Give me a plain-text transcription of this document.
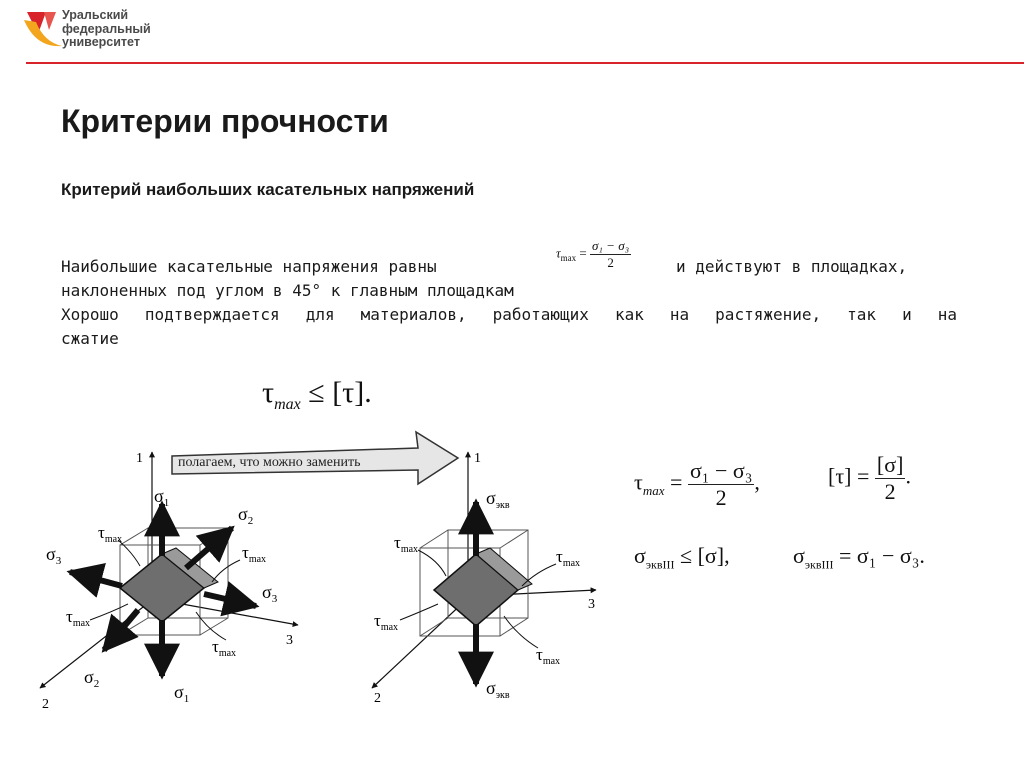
Уральский
федеральный
университет
Критерии прочности
Критерий наибольших касательных напряжений
Наибольшие касательные напряжения равны
$\tau_{max} = \frac{\text{σ₁ − σ₃}}{2}$	и действуют в площадках,
наклоненных под углом в 45° к главным площадкам
Хорошо подтверждается для материалов, работающих как на растяжение, так и на
сжатие
$\tau_{max} \le [\tau]$.
$\tau_{max} = \frac{\text{σ₁ − σ₃}}{2}$ ,	$[\tau] = \frac{[\sigma]}{2}$ .
$\sigma_{эквIII} \le [\sigma]$,	$\sigma_{эквIII} = \sigma_1 - \sigma_3$.
полагаем, что можно заменить
1
3
2
$\sigma_1$
$\sigma_1$
$\sigma_2$
$\sigma_2$
$\sigma_3$
$\sigma_3$
$\tau_{max}$
$\tau_{max}$
$\tau_{max}$
$\tau_{max}$
1
3
2
$\sigma_{экв}$
$\sigma_{экв}$
$\tau_{max}$	$\tau_{max}$
$\tau_{max}$
$\tau_{max}$
